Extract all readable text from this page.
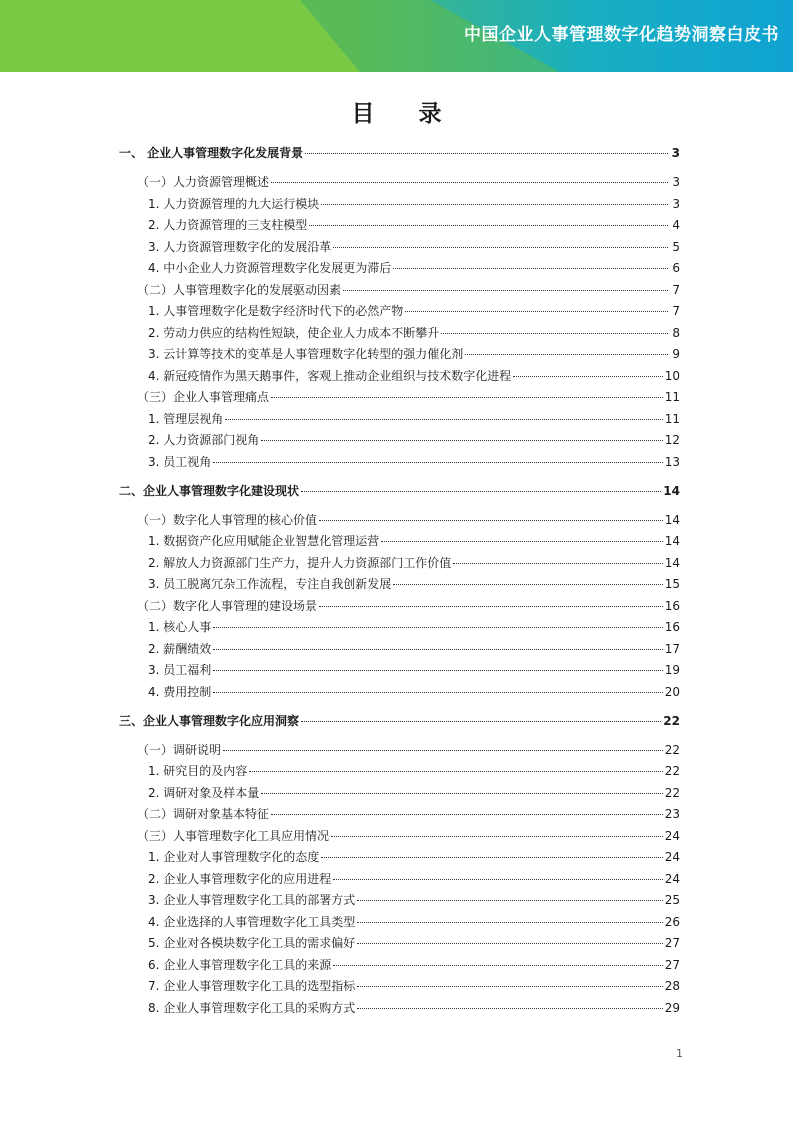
中国企业人事管理数字化趋势洞察白皮书
目 录
一、 企业人事管理数字化发展背景	3
（一）人力资源管理概述	3
1. 人力资源管理的九大运行模块	3
2. 人力资源管理的三支柱模型	4
3. 人力资源管理数字化的发展沿革	5
4. 中小企业人力资源管理数字化发展更为滞后	6
（二）人事管理数字化的发展驱动因素	7
1. 人事管理数字化是数字经济时代下的必然产物	7
2. 劳动力供应的结构性短缺，使企业人力成本不断攀升	8
3. 云计算等技术的变革是人事管理数字化转型的强力催化剂	9
4. 新冠疫情作为黑天鹅事件，客观上推动企业组织与技术数字化进程	10
（三）企业人事管理痛点	11
1. 管理层视角	11
2. 人力资源部门视角	12
3. 员工视角	13
二、企业人事管理数字化建设现状	14
（一）数字化人事管理的核心价值	14
1. 数据资产化应用赋能企业智慧化管理运营	14
2. 解放人力资源部门生产力，提升人力资源部门工作价值	14
3. 员工脱离冗杂工作流程，专注自我创新发展	15
（二）数字化人事管理的建设场景	16
1. 核心人事	16
2. 薪酬绩效	17
3. 员工福利	19
4. 费用控制	20
三、企业人事管理数字化应用洞察	22
（一）调研说明	22
1. 研究目的及内容	22
2. 调研对象及样本量	22
（二）调研对象基本特征	23
（三）人事管理数字化工具应用情况	24
1. 企业对人事管理数字化的态度	24
2. 企业人事管理数字化的应用进程	24
3. 企业人事管理数字化工具的部署方式	25
4. 企业选择的人事管理数字化工具类型	26
5. 企业对各模块数字化工具的需求偏好	27
6. 企业人事管理数字化工具的来源	27
7. 企业人事管理数字化工具的选型指标	28
8. 企业人事管理数字化工具的采购方式	29
1
